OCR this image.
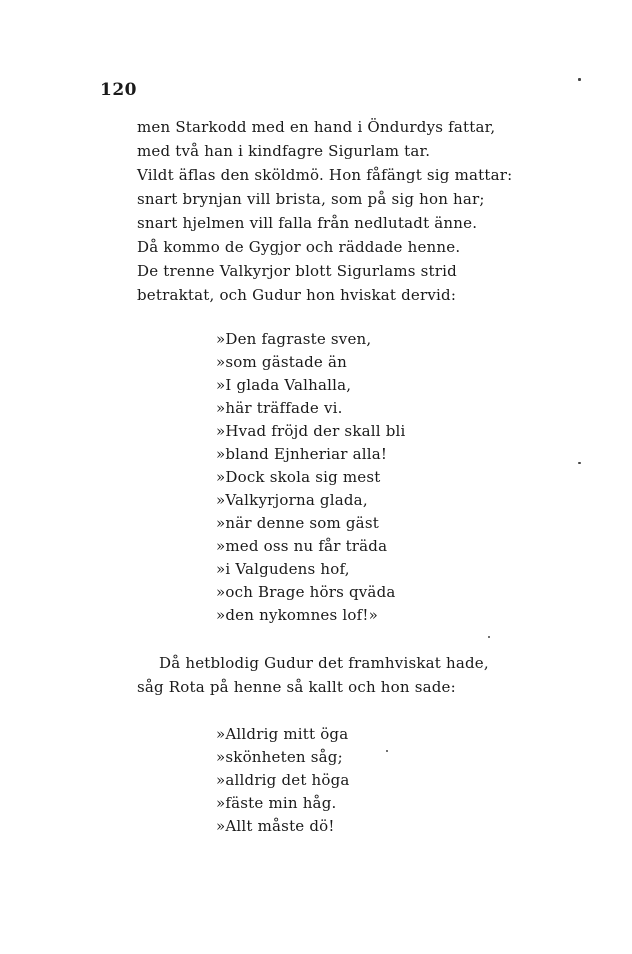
120
men Starkodd med en hand i Öndurdys fattar,
med två han i kindfagre Sigurlam tar.
Vildt äflas den sköldmö. Hon fåfängt sig mattar:
snart brynjan vill brista, som på sig hon har;
snart hjelmen vill falla från nedlutadt änne.
Då kommo de Gygjor och räddade henne.
De trenne Valkyrjor blott Sigurlams strid
betraktat, och Gudur hon hviskat dervid:
»Den fagraste sven,
»som gästade än
»I glada Valhalla,
»här träffade vi.
»Hvad fröjd der skall bli
»bland Ejnheriar alla!
»Dock skola sig mest
»Valkyrjorna glada,
»när denne som gäst
»med oss nu får träda
»i Valgudens hof,
»och Brage hörs qväda
»den nykomnes lof!»
Då hetblodig Gudur det framhviskat hade,
såg Rota på henne så kallt och hon sade:
»Alldrig mitt öga
»skönheten såg;
»alldrig det höga
»fäste min håg.
»Allt måste dö!
